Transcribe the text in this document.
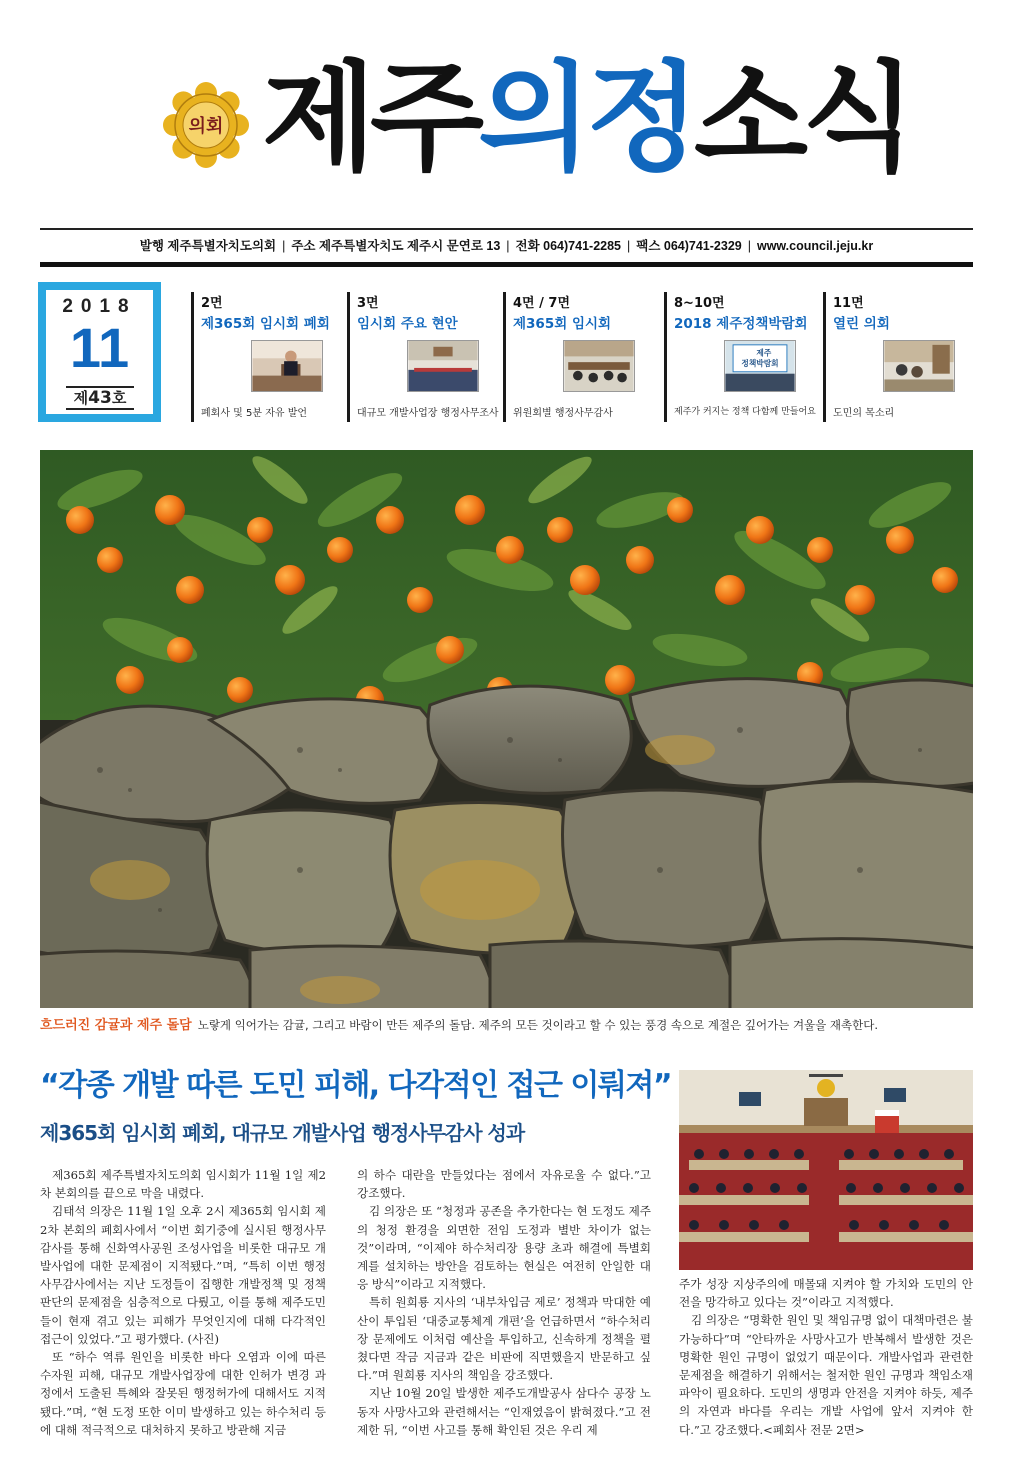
의회 제주의정소식
발행 제주특별자치도의회 | 주소 제주특별자치도 제주시 문연로 13 | 전화 064)741-2285 | 팩스 064)741-2329 | www.council.jeju.kr
2018
11
제43호
2면
제365회 임시회 폐회
폐회사 및 5분 자유 발언
3면
임시회 주요 현안
대규모 개발사업장 행정사무조사
4면 / 7면
제365회 임시회
위원회별 행정사무감사
8~10면
2018 제주정책박람회
제주
정책박람회
제주가 커지는 정책 다함께 만들어요
11면
열린 의회
도민의 목소리
흐드러진 감귤과 제주 돌담 노랗게 익어가는 감귤, 그리고 바람이 만든 제주의 돌담. 제주의 모든 것이라고 할 수 있는 풍경 속으로 계절은 깊어가는 겨울을 재촉한다.
“각종 개발 따른 도민 피해, 다각적인 접근 이뤄져”
제365회 임시회 폐회, 대규모 개발사업 행정사무감사 성과

제365회 제주특별자치도의회 임시회가 11월 1일 제2차 본회의를 끝으로 막을 내렸다.

김태석 의장은 11월 1일 오후 2시 제365회 임시회 제2차 본회의 폐회사에서 “이번 회기중에 실시된 행정사무감사를 통해 신화역사공원 조성사업을 비롯한 대규모 개발사업에 대한 문제점이 지적됐다.”며, “특히 이번 행정사무감사에서는 지난 도정들이 집행한 개발정책 및 정책판단의 문제점을 심층적으로 다뤘고, 이를 통해 제주도민들이 현재 겪고 있는 피해가 무엇인지에 대해 다각적인 접근이 있었다.”고 평가했다. (사진)

또 “하수 역류 원인을 비롯한 바다 오염과 이에 따른 수자원 피해, 대규모 개발사업장에 대한 인허가 변경 과정에서 도출된 특혜와 잘못된 행정허가에 대해서도 지적됐다.”며, “현 도정 또한 이미 발생하고 있는 하수처리 등에 대해 적극적으로 대처하지 못하고 방관해 지금

의 하수 대란을 만들었다는 점에서 자유로울 수 없다.”고 강조했다.

김 의장은 또 “청정과 공존을 추가한다는 현 도정도 제주의 청정 환경을 외면한 전임 도정과 별반 차이가 없는 것”이라며, “이제야 하수처리장 용량 초과 해결에 특별회계를 설치하는 방안을 검토하는 현실은 여전히 안일한 대응 방식”이라고 지적했다.

특히 원희룡 지사의 ‘내부차입금 제로’ 정책과 막대한 예산이 투입된 ‘대중교통체계 개편’을 언급하면서 “하수처리장 문제에도 이처럼 예산을 투입하고, 신속하게 정책을 펼쳤다면 작금 지금과 같은 비판에 직면했을지 반문하고 싶다.”며 원희룡 지사의 책임을 강조했다.

지난 10월 20일 발생한 제주도개발공사 삼다수 공장 노동자 사망사고와 관련해서는 “인재였음이 밝혀졌다.”고 전제한 뒤, “이번 사고를 통해 확인된 것은 우리 제

주가 성장 지상주의에 매몰돼 지켜야 할 가치와 도민의 안전을 망각하고 있다는 것”이라고 지적했다.

김 의장은 “명확한 원인 및 책임규명 없이 대책마련은 불가능하다”며 “안타까운 사망사고가 반복해서 발생한 것은 명확한 원인 규명이 없었기 때문이다. 개발사업과 관련한 문제점을 해결하기 위해서는 철저한 원인 규명과 책임소재 파악이 필요하다. 도민의 생명과 안전을 지켜야 하듯, 제주의 자연과 바다를 우리는 개발 사업에 앞서 지켜야 한다.”고 강조했다.<폐회사 전문 2면>
